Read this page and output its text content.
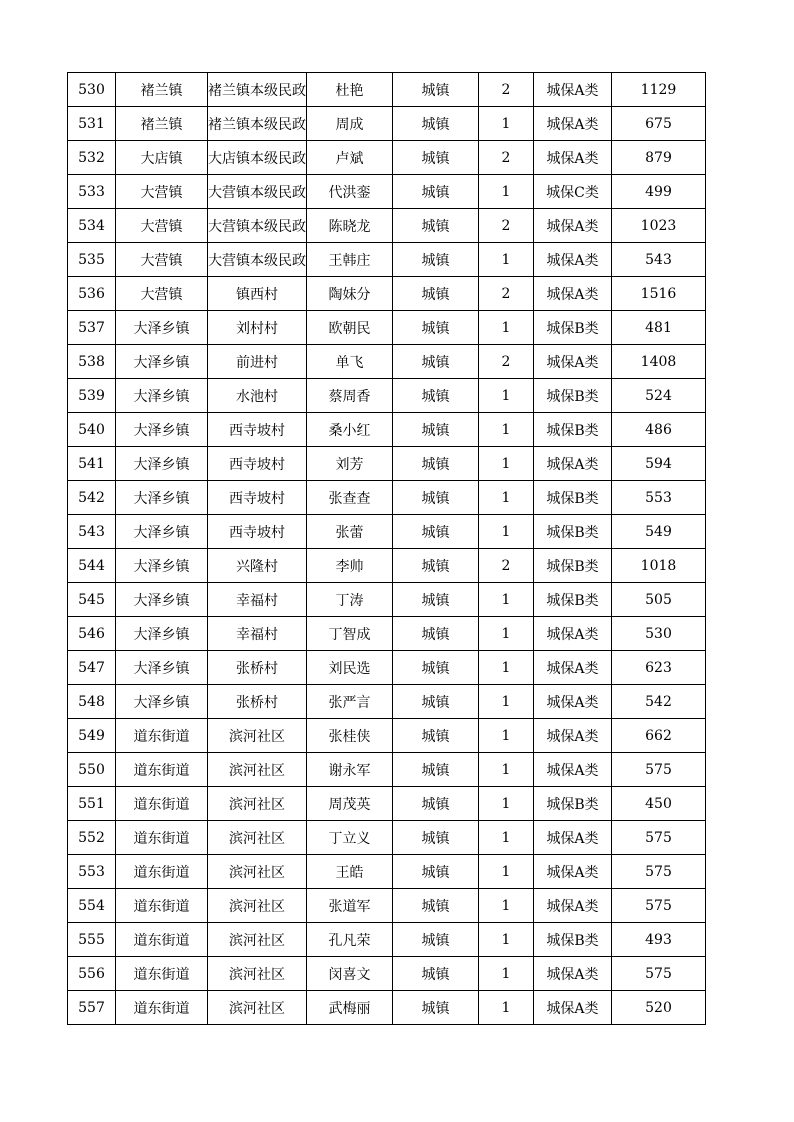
530	褚兰镇	褚兰镇本级民政	杜艳	城镇	2	城保A类	1129
531	褚兰镇	褚兰镇本级民政	周成	城镇	1	城保A类	675
532	大店镇	大店镇本级民政	卢斌	城镇	2	城保A类	879
533	大营镇	大营镇本级民政	代洪銮	城镇	1	城保C类	499
534	大营镇	大营镇本级民政	陈晓龙	城镇	2	城保A类	1023
535	大营镇	大营镇本级民政	王韩庄	城镇	1	城保A类	543
536	大营镇	镇西村	陶妹分	城镇	2	城保A类	1516
537	大泽乡镇	刘村村	欧朝民	城镇	1	城保B类	481
538	大泽乡镇	前进村	单飞	城镇	2	城保A类	1408
539	大泽乡镇	水池村	蔡周香	城镇	1	城保B类	524
540	大泽乡镇	西寺坡村	桑小红	城镇	1	城保B类	486
541	大泽乡镇	西寺坡村	刘芳	城镇	1	城保A类	594
542	大泽乡镇	西寺坡村	张查查	城镇	1	城保B类	553
543	大泽乡镇	西寺坡村	张蕾	城镇	1	城保B类	549
544	大泽乡镇	兴隆村	李帅	城镇	2	城保B类	1018
545	大泽乡镇	幸福村	丁涛	城镇	1	城保B类	505
546	大泽乡镇	幸福村	丁智成	城镇	1	城保A类	530
547	大泽乡镇	张桥村	刘民选	城镇	1	城保A类	623
548	大泽乡镇	张桥村	张严言	城镇	1	城保A类	542
549	道东街道	滨河社区	张桂侠	城镇	1	城保A类	662
550	道东街道	滨河社区	谢永军	城镇	1	城保A类	575
551	道东街道	滨河社区	周茂英	城镇	1	城保B类	450
552	道东街道	滨河社区	丁立义	城镇	1	城保A类	575
553	道东街道	滨河社区	王皓	城镇	1	城保A类	575
554	道东街道	滨河社区	张道军	城镇	1	城保A类	575
555	道东街道	滨河社区	孔凡荣	城镇	1	城保B类	493
556	道东街道	滨河社区	闵喜文	城镇	1	城保A类	575
557	道东街道	滨河社区	武梅丽	城镇	1	城保A类	520
